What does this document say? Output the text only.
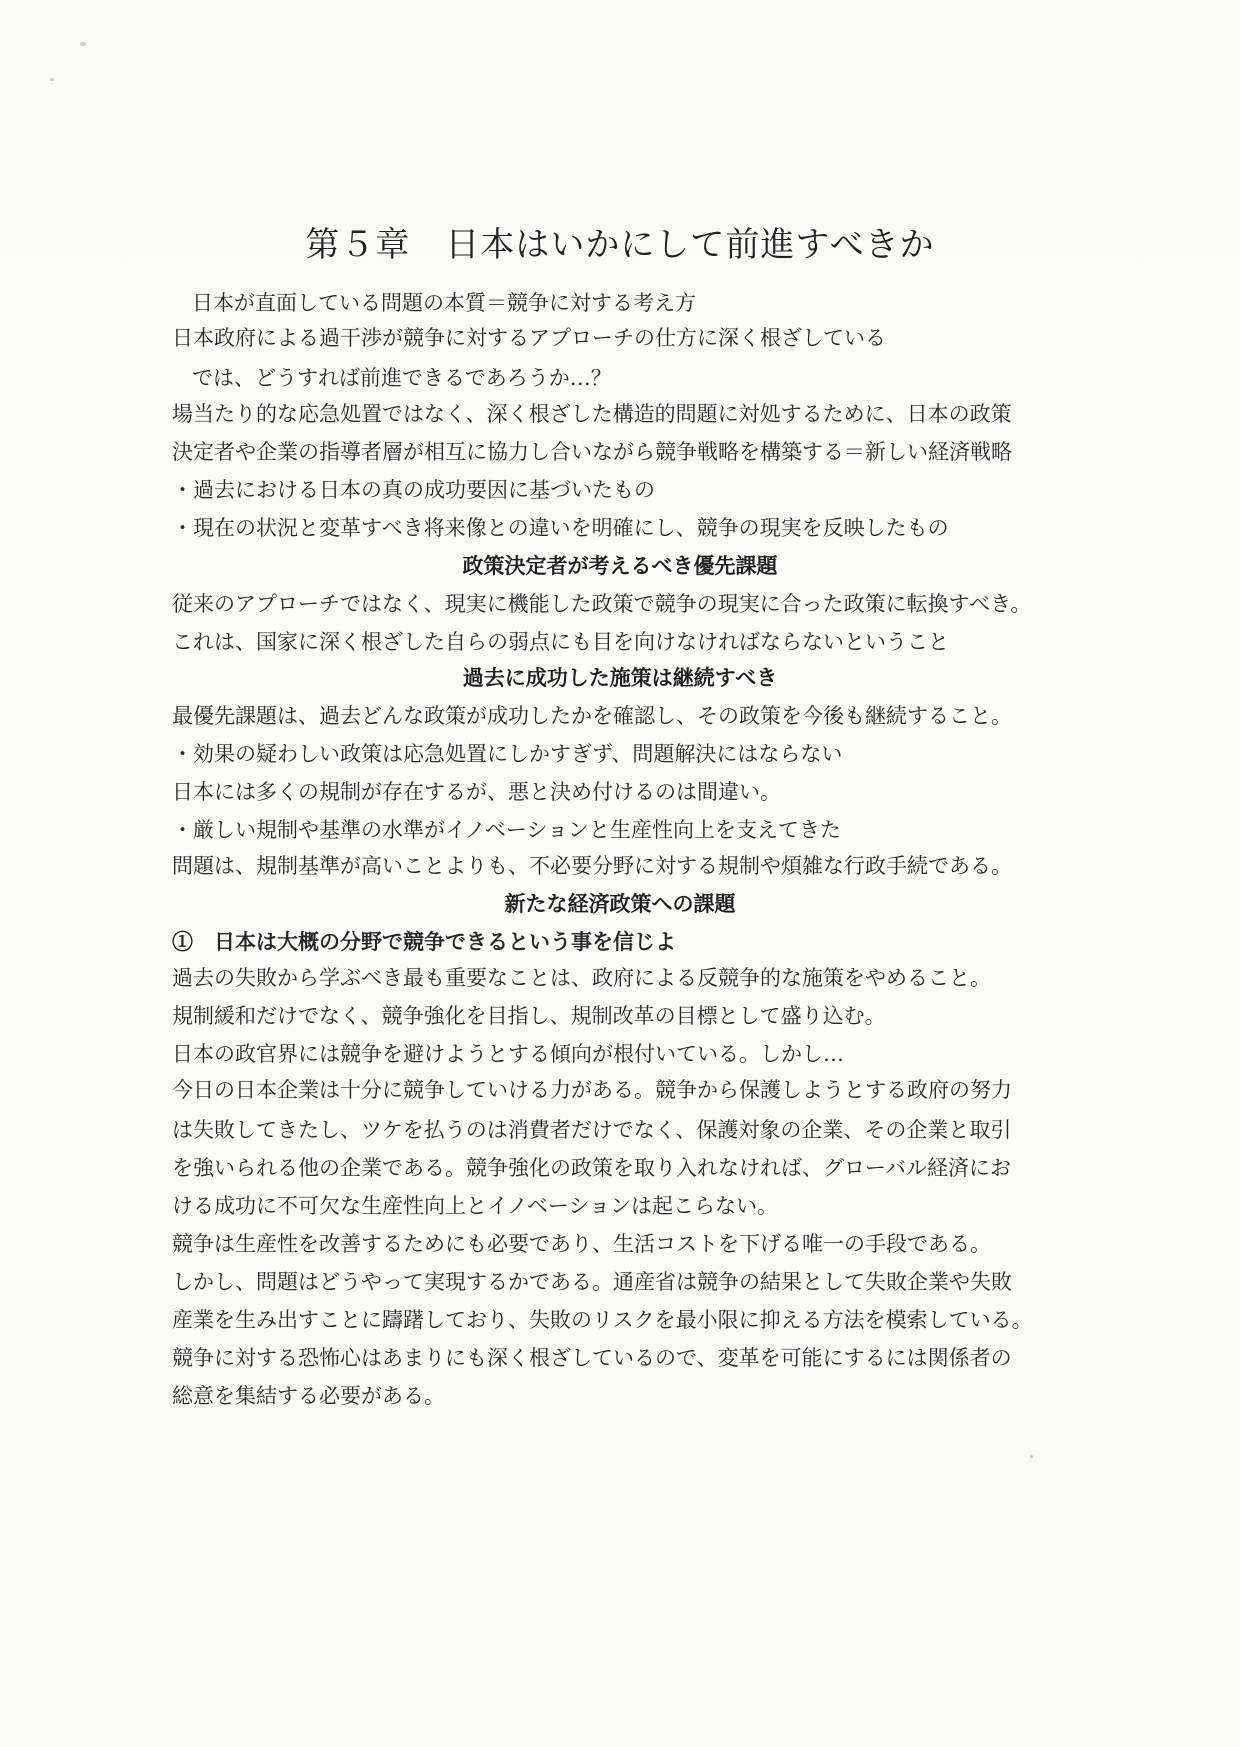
第５章　日本はいかにして前進すべきか
日本が直面している問題の本質＝競争に対する考え方
日本政府による過干渉が競争に対するアプローチの仕方に深く根ざしている
では、どうすれば前進できるであろうか…？
場当たり的な応急処置ではなく、深く根ざした構造的問題に対処するために、日本の政策
決定者や企業の指導者層が相互に協力し合いながら競争戦略を構築する＝新しい経済戦略
・過去における日本の真の成功要因に基づいたもの
・現在の状況と変革すべき将来像との違いを明確にし、競争の現実を反映したもの
政策決定者が考えるべき優先課題
従来のアプローチではなく、現実に機能した政策で競争の現実に合った政策に転換すべき。
これは、国家に深く根ざした自らの弱点にも目を向けなければならないということ
過去に成功した施策は継続すべき
最優先課題は、過去どんな政策が成功したかを確認し、その政策を今後も継続すること。
・効果の疑わしい政策は応急処置にしかすぎず、問題解決にはならない
日本には多くの規制が存在するが、悪と決め付けるのは間違い。
・厳しい規制や基準の水準がイノベーションと生産性向上を支えてきた
問題は、規制基準が高いことよりも、不必要分野に対する規制や煩雑な行政手続である。
新たな経済政策への課題
①　日本は大概の分野で競争できるという事を信じよ
過去の失敗から学ぶべき最も重要なことは、政府による反競争的な施策をやめること。
規制緩和だけでなく、競争強化を目指し、規制改革の目標として盛り込む。
日本の政官界には競争を避けようとする傾向が根付いている。しかし…
今日の日本企業は十分に競争していける力がある。競争から保護しようとする政府の努力
は失敗してきたし、ツケを払うのは消費者だけでなく、保護対象の企業、その企業と取引
を強いられる他の企業である。競争強化の政策を取り入れなければ、グローバル経済にお
ける成功に不可欠な生産性向上とイノベーションは起こらない。
競争は生産性を改善するためにも必要であり、生活コストを下げる唯一の手段である。
しかし、問題はどうやって実現するかである。通産省は競争の結果として失敗企業や失敗
産業を生み出すことに躊躇しており、失敗のリスクを最小限に抑える方法を模索している。
競争に対する恐怖心はあまりにも深く根ざしているので、変革を可能にするには関係者の
総意を集結する必要がある。
